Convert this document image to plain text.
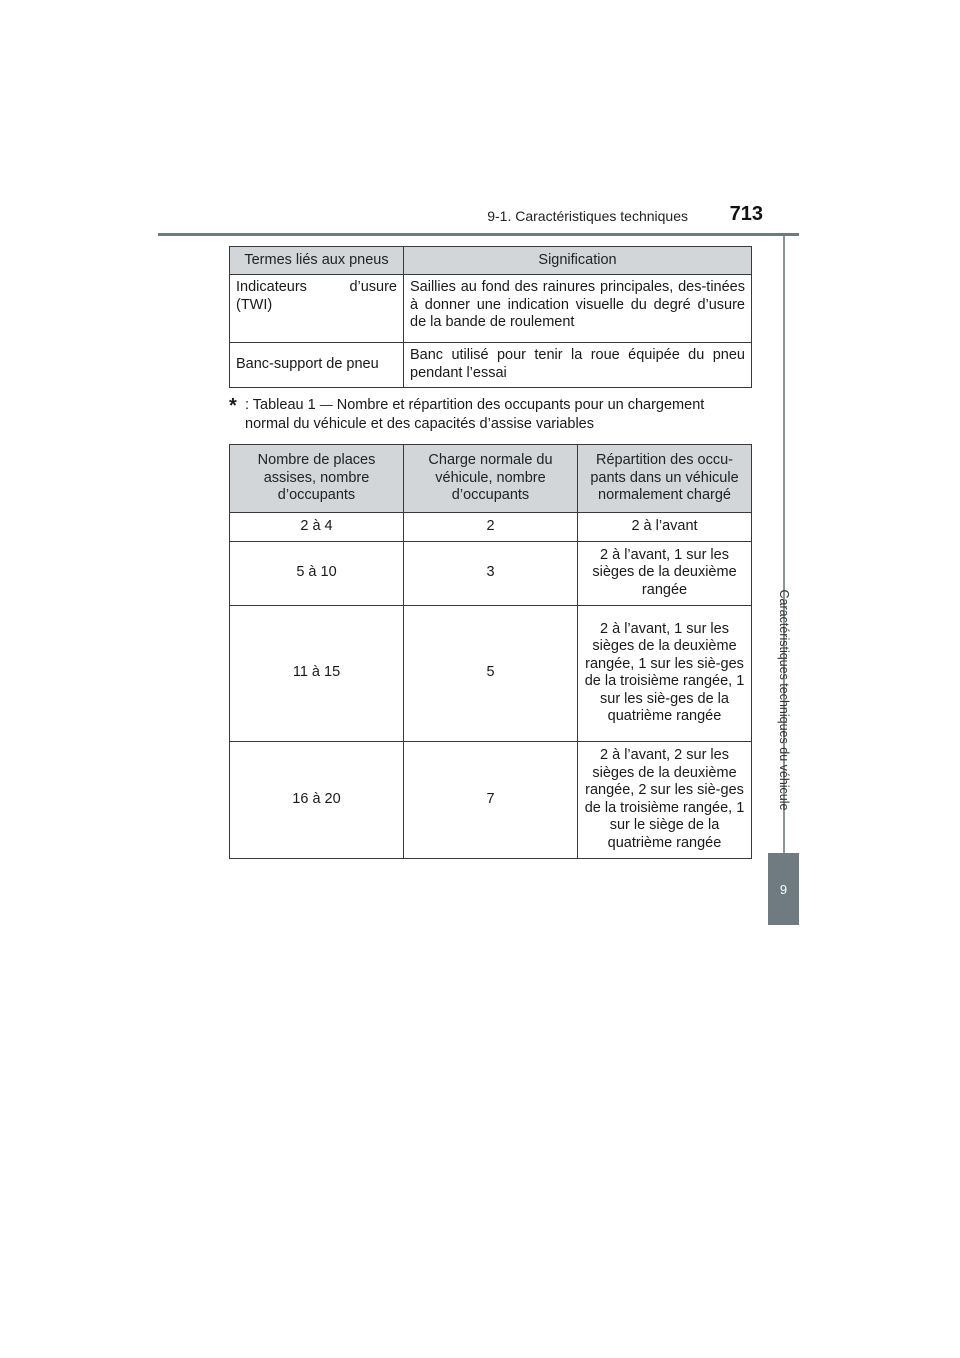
9-1. Caractéristiques techniques	713
Caractéristiques techniques du véhicule
9
Termes liés aux pneus	Signification
Indicateurs d’usure (TWI)	Saillies au fond des rainures principales, des-tinées à donner une indication visuelle du degré d’usure de la bande de roulement
Banc-support de pneu	Banc utilisé pour tenir la roue équipée du pneu pendant l’essai
* : Tableau 1 — Nombre et répartition des occupants pour un chargement normal du véhicule et des capacités d’assise variables
Nombre de places assises, nombre d’occupants	Charge normale du véhicule, nombre d’occupants	Répartition des occu-pants dans un véhicule normalement chargé
2 à 4	2	2 à l’avant
5 à 10	3	2 à l’avant, 1 sur les sièges de la deuxième rangée
11 à 15	5	2 à l’avant, 1 sur les sièges de la deuxième rangée, 1 sur les siè-ges de la troisième rangée, 1 sur les siè-ges de la quatrième rangée
16 à 20	7	2 à l’avant, 2 sur les sièges de la deuxième rangée, 2 sur les siè-ges de la troisième rangée, 1 sur le siège de la quatrième rangée
